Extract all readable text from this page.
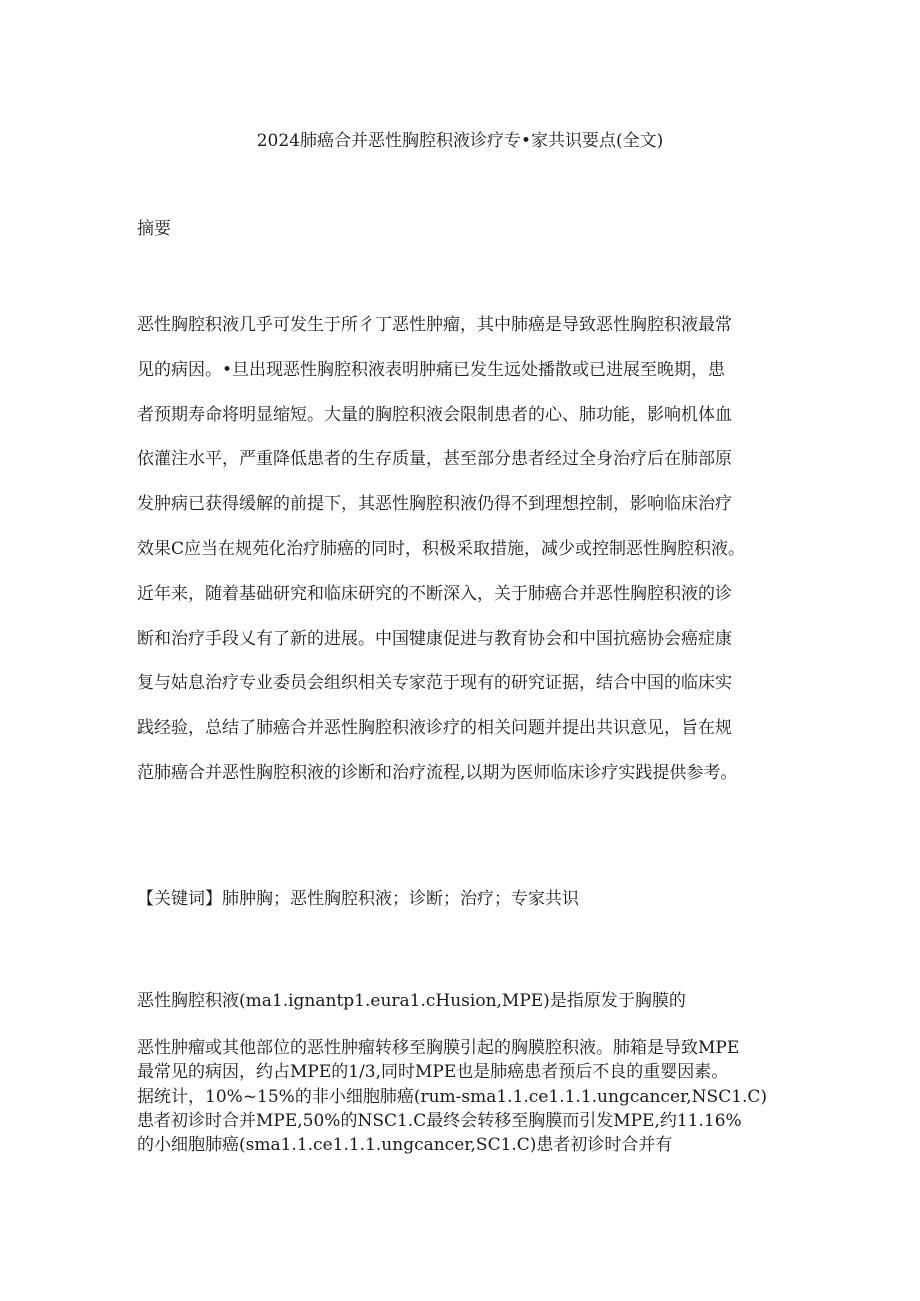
2024肺癌合并恶性胸腔积液诊疗专•家共识要点(全文)
摘要
恶性胸腔积液几乎可发生于所彳丁恶性肿瘤，其中肺癌是导致恶性胸腔积液最常
见的病因。•旦出现恶性胸腔积液表明肿痛已发生远处播散或已进展至晚期，患
者预期寿命将明显缩短。大量的胸腔积液会限制患者的心、肺功能，影响机体血
依灌注水平，严重降低患者的生存质量，甚至部分患者经过全身治疗后在肺部原
发肿病已获得缓解的前提下，其恶性胸腔积液仍得不到理想控制，影响临床治疗
效果C应当在规苑化治疗肺癌的同时，积极采取措施，减少或控制恶性胸腔积液。
近年来，随着基础研究和临床研究的不断深入，关于肺癌合并恶性胸腔积液的诊
断和治疗手段乂有了新的进展。中国犍康促进与教育协会和中国抗癌协会癌症康
复与姑息治疗专业委员会组织相关专家范于现有的研究证据，结合中国的临床实
践经验，总结了肺癌合并恶性胸腔积液诊疗的相关问题并提出共识意见，旨在规
范肺癌合并恶性胸腔积液的诊断和治疗流程,以期为医师临床诊疗实践提供参考。
【关键词】肺肿胸；恶性胸腔积液；诊断；治疗；专家共识
恶性胸腔积液(ma1.ignantp1.eura1.cHusion,MPE)是指原发于胸膜的
恶性肿瘤或其他部位的恶性肿瘤转移至胸膜引起的胸膜腔积液。肺箱是导致MPE
最常见的病因，约占MPE的1/3,同时MPE也是肺癌患者预后不良的重婴因素。
据统计，10%~15%的非小细胞肺癌(rum-sma1.1.ce1.1.1.ungcancer,NSC1.C)
患者初诊时合并MPE,50%的NSC1.C最终会转移至胸膜而引发MPE,约11.16%
的小细胞肺癌(sma1.1.ce1.1.1.ungcancer,SC1.C)患者初诊时合并有
